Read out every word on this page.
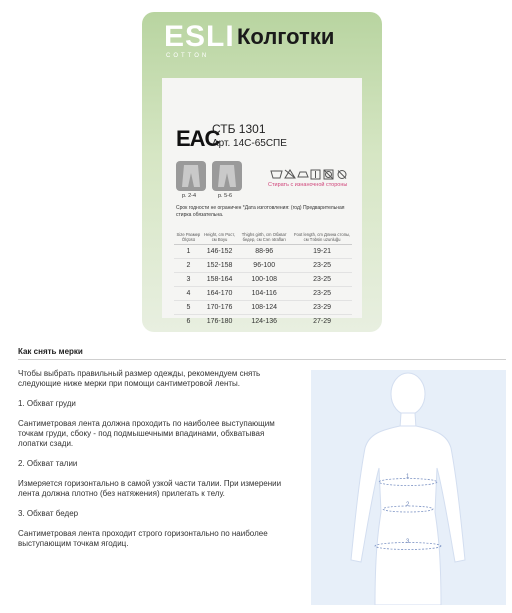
ESLI
COTTON
Колготки
EAC
СТБ 1301
Арт. 14С-65СПЕ
р. 2-4	р. 5-6
Стирать с изнаночной стороны
Срок годности не ограничен *Дата изготовления: (год) Предварительная стирка обязательна.
Size Размер Ölçüsü	Height, cm Рост, см Boyu	Thighs girth, cm Обхват бедер, см Cən ətrafları	Foot length, cm Длина стопы, см Təbsin uzunluğu
1	146-152	88-96	19-21
2	152-158	96-100	23-25
3	158-164	100-108	23-25
4	164-170	104-116	23-25
5	170-176	108-124	23-29
6	176-180	124-136	27-29
Как снять мерки

Чтобы выбрать правильный размер одежды, рекомендуем снять следующие ниже мерки при помощи сантиметровой ленты.

1. Обхват груди

Сантиметровая лента должна проходить по наиболее выступающим точкам груди, сбоку - под подмышечными впадинами, обхватывая лопатки сзади.

2. Обхват талии

Измеряется горизонтально в самой узкой части талии. При измерении лента должна плотно (без натяжения) прилегать к телу.

3. Обхват бедер

Сантиметровая лента проходит строго горизонтально по наиболее выступающим точкам ягодиц.

1
2
3
